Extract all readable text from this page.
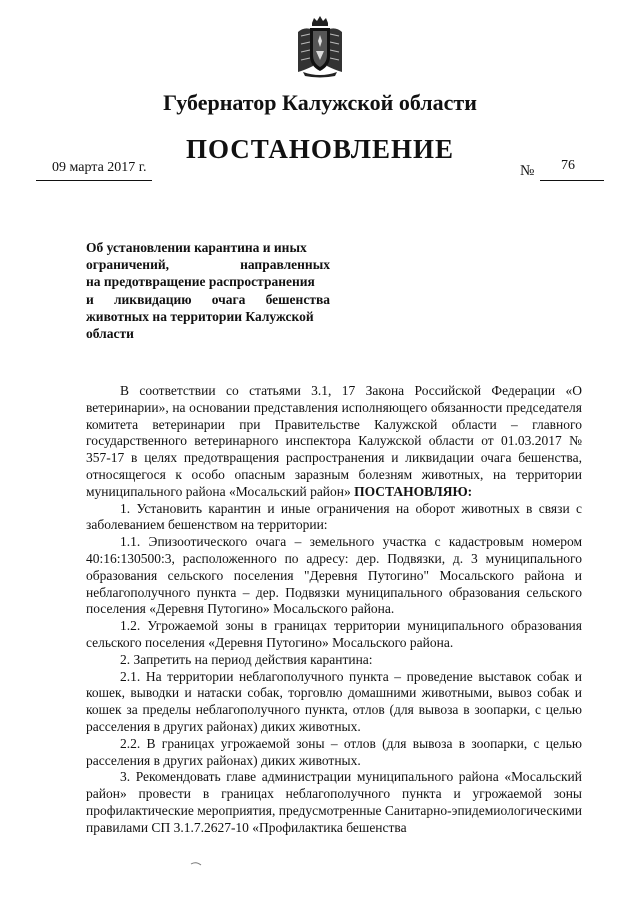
Губернатор Калужской области
ПОСТАНОВЛЕНИЕ
09 марта 2017 г.	№ 76
Об установлении карантина и иных
ограничений, направленных
на предотвращение распространения
и ликвидацию очага бешенства
животных на территории Калужской
области

В соответствии со статьями 3.1, 17 Закона Российской Федерации «О ветеринарии», на основании представления исполняющего обязанности председателя комитета ветеринарии при Правительстве Калужской области – главного государственного ветеринарного инспектора Калужской области от 01.03.2017 № 357-17 в целях предотвращения распространения и ликвидации очага бешенства, относящегося к особо опасным заразным болезням животных, на территории муниципального района «Мосальский район» ПОСТАНОВЛЯЮ:

1. Установить карантин и иные ограничения на оборот животных в связи с заболеванием бешенством на территории:

1.1. Эпизоотического очага – земельного участка с кадастровым номером 40:16:130500:3, расположенного по адресу: дер. Подвязки, д. 3 муниципального образования сельского поселения "Деревня Путогино" Мосальского района и неблагополучного пункта – дер. Подвязки муниципального образования сельского поселения «Деревня Путогино» Мосальского района.

1.2. Угрожаемой зоны в границах территории муниципального образования сельского поселения «Деревня Путогино» Мосальского района.

2. Запретить на период действия карантина:

2.1. На территории неблагополучного пункта – проведение выставок собак и кошек, выводки и натаски собак, торговлю домашними животными, вывоз собак и кошек за пределы неблагополучного пункта, отлов (для вывоза в зоопарки, с целью расселения в других районах) диких животных.

2.2. В границах угрожаемой зоны – отлов (для вывоза в зоопарки, с целью расселения в других районах) диких животных.

3. Рекомендовать главе администрации муниципального района «Мосальский район» провести в границах неблагополучного пункта и угрожаемой зоны профилактические мероприятия, предусмотренные Санитарно-эпидемиологическими правилами СП 3.1.7.2627-10 «Профилактика бешенства
